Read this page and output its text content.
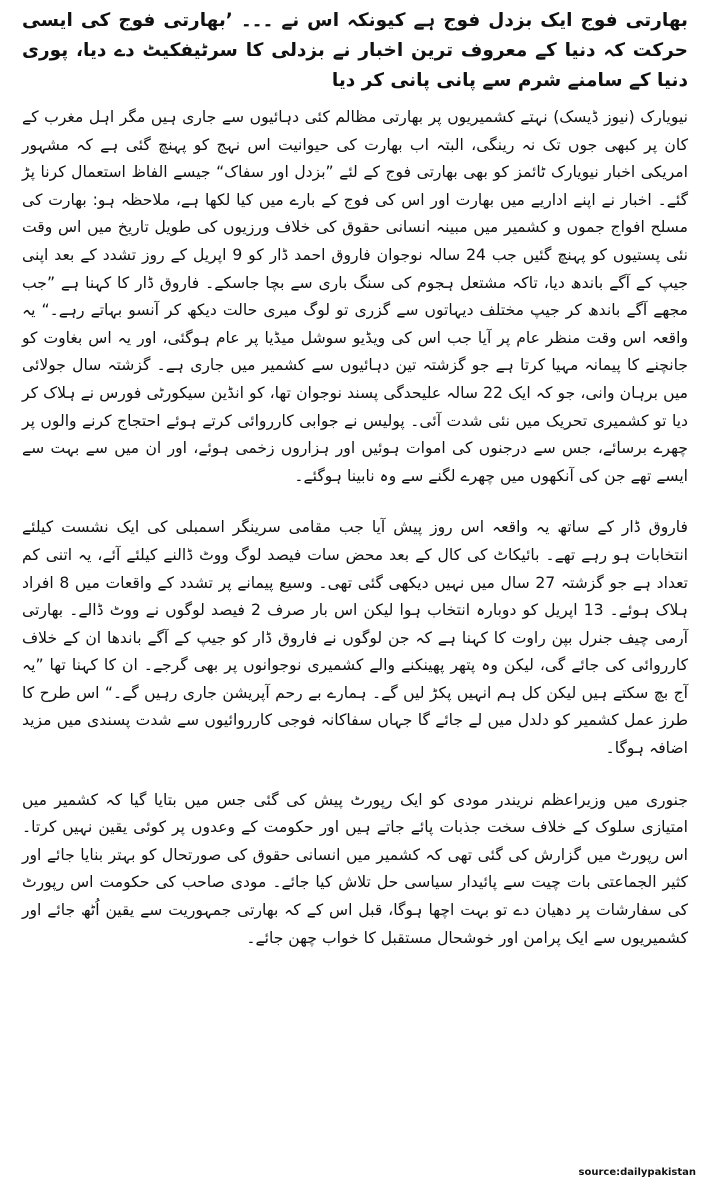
بھارتی فوج ایک بزدل فوج ہے کیونکہ اس نے ۔۔۔ ’بھارتی فوج کی ایسی حرکت کہ دنیا کے معروف ترین اخبار نے بزدلی کا سرٹیفکیٹ دے دیا، پوری دنیا کے سامنے شرم سے پانی پانی کر دیا

نیویارک (نیوز ڈیسک) نہتے کشمیریوں پر بھارتی مظالم کئی دہائیوں سے جاری ہیں مگر اہل مغرب کے کان پر کبھی جوں تک نہ رینگی، البتہ اب بھارت کی حیوانیت اس نہج کو پہنچ گئی ہے کہ مشہور امریکی اخبار نیویارک ٹائمز کو بھی بھارتی فوج کے لئے ”بزدل اور سفاک“ جیسے الفاظ استعمال کرنا پڑ گئے۔ اخبار نے اپنے اداریے میں بھارت اور اس کی فوج کے بارے میں کیا لکھا ہے، ملاحظہ ہو: بھارت کی مسلح افواج جموں و کشمیر میں مبینہ انسانی حقوق کی خلاف ورزیوں کی طویل تاریخ میں اس وقت نئی پستیوں کو پہنچ گئیں جب 24 سالہ نوجوان فاروق احمد ڈار کو 9 اپریل کے روز تشدد کے بعد اپنی جیپ کے آگے باندھ دیا، تاکہ مشتعل ہجوم کی سنگ باری سے بچا جاسکے۔ فاروق ڈار کا کہنا ہے ”جب مجھے آگے باندھ کر جیپ مختلف دیہاتوں سے گزری تو لوگ میری حالت دیکھ کر آنسو بہاتے رہے۔“ یہ واقعہ اس وقت منظر عام پر آیا جب اس کی ویڈیو سوشل میڈیا پر عام ہوگئی، اور یہ اس بغاوت کو جانچنے کا پیمانہ مہیا کرتا ہے جو گزشتہ تین دہائیوں سے کشمیر میں جاری ہے۔ گزشتہ سال جولائی میں برہان وانی، جو کہ ایک 22 سالہ علیحدگی پسند نوجوان تھا، کو انڈین سیکورٹی فورس نے ہلاک کر دیا تو کشمیری تحریک میں نئی شدت آئی۔ پولیس نے جوابی کارروائی کرتے ہوئے احتجاج کرنے والوں پر چھرے برسائے، جس سے درجنوں کی اموات ہوئیں اور ہزاروں زخمی ہوئے، اور ان میں سے بہت سے ایسے تھے جن کی آنکھوں میں چھرے لگنے سے وہ نابینا ہوگئے۔

فاروق ڈار کے ساتھ یہ واقعہ اس روز پیش آیا جب مقامی سرینگر اسمبلی کی ایک نشست کیلئے انتخابات ہو رہے تھے۔ بائیکاٹ کی کال کے بعد محض سات فیصد لوگ ووٹ ڈالنے کیلئے آئے، یہ اتنی کم تعداد ہے جو گزشتہ 27 سال میں نہیں دیکھی گئی تھی۔ وسیع پیمانے پر تشدد کے واقعات میں 8 افراد ہلاک ہوئے۔ 13 اپریل کو دوبارہ انتخاب ہوا لیکن اس بار صرف 2 فیصد لوگوں نے ووٹ ڈالے۔ بھارتی آرمی چیف جنرل بپن راوت کا کہنا ہے کہ جن لوگوں نے فاروق ڈار کو جیپ کے آگے باندھا ان کے خلاف کارروائی کی جائے گی، لیکن وہ پتھر پھینکنے والے کشمیری نوجوانوں پر بھی گرجے۔ ان کا کہنا تھا ”یہ آج بچ سکتے ہیں لیکن کل ہم انہیں پکڑ لیں گے۔ ہمارے بے رحم آپریشن جاری رہیں گے۔“ اس طرح کا طرز عمل کشمیر کو دلدل میں لے جائے گا جہاں سفاکانہ فوجی کارروائیوں سے شدت پسندی میں مزید اضافہ ہوگا۔

جنوری میں وزیراعظم نریندر مودی کو ایک رپورٹ پیش کی گئی جس میں بتایا گیا کہ کشمیر میں امتیازی سلوک کے خلاف سخت جذبات پائے جاتے ہیں اور حکومت کے وعدوں پر کوئی یقین نہیں کرتا۔ اس رپورٹ میں گزارش کی گئی تھی کہ کشمیر میں انسانی حقوق کی صورتحال کو بہتر بنایا جائے اور کثیر الجماعتی بات چیت سے پائیدار سیاسی حل تلاش کیا جائے۔ مودی صاحب کی حکومت اس رپورٹ کی سفارشات پر دھیان دے تو بہت اچھا ہوگا، قبل اس کے کہ بھارتی جمہوریت سے یقین اُٹھ جائے اور کشمیریوں سے ایک پرامن اور خوشحال مستقبل کا خواب چھن جائے۔

source:dailypakistan
